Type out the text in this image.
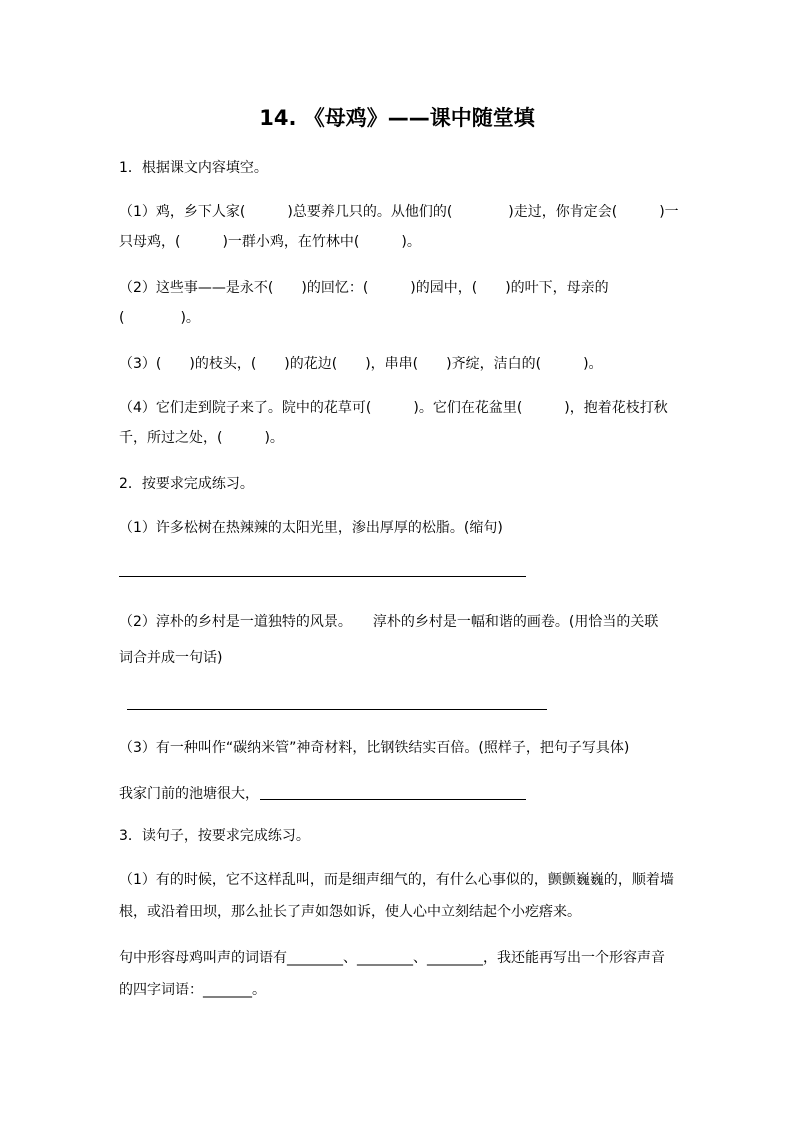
14. 《母鸡》——课中随堂填
1．根据课文内容填空。
（1）鸡，乡下人家(　　　)总要养几只的。从他们的(　　　　)走过，你肯定会(　　　)一
只母鸡，(　　　)一群小鸡，在竹林中(　　　)。
（2）这些事——是永不(　　)的回忆：(　　　)的园中，(　　)的叶下，母亲的
(　　　　)。
（3）(　　)的枝头，(　　)的花边(　　)，串串(　　)齐绽，洁白的(　　　)。
（4）它们走到院子来了。院中的花草可(　　　)。它们在花盆里(　　　)，抱着花枝打秋
千，所过之处，(　　　)。
2．按要求完成练习。
（1）许多松树在热辣辣的太阳光里，渗出厚厚的松脂。(缩句)
（2）淳朴的乡村是一道独特的风景。　　淳朴的乡村是一幅和谐的画卷。(用恰当的关联
词合并成一句话)
（3）有一种叫作“碳纳米管”神奇材料，比钢铁结实百倍。(照样子，把句子写具体)
我家门前的池塘很大，
3．读句子，按要求完成练习。
（1）有的时候，它不这样乱叫，而是细声细气的，有什么心事似的，颤颤巍巍的，顺着墙
根，或沿着田坝，那么扯长了声如怨如诉，使人心中立刻结起个小疙瘩来。
句中形容母鸡叫声的词语有________、________、________，我还能再写出一个形容声音
的四字词语：_______。
